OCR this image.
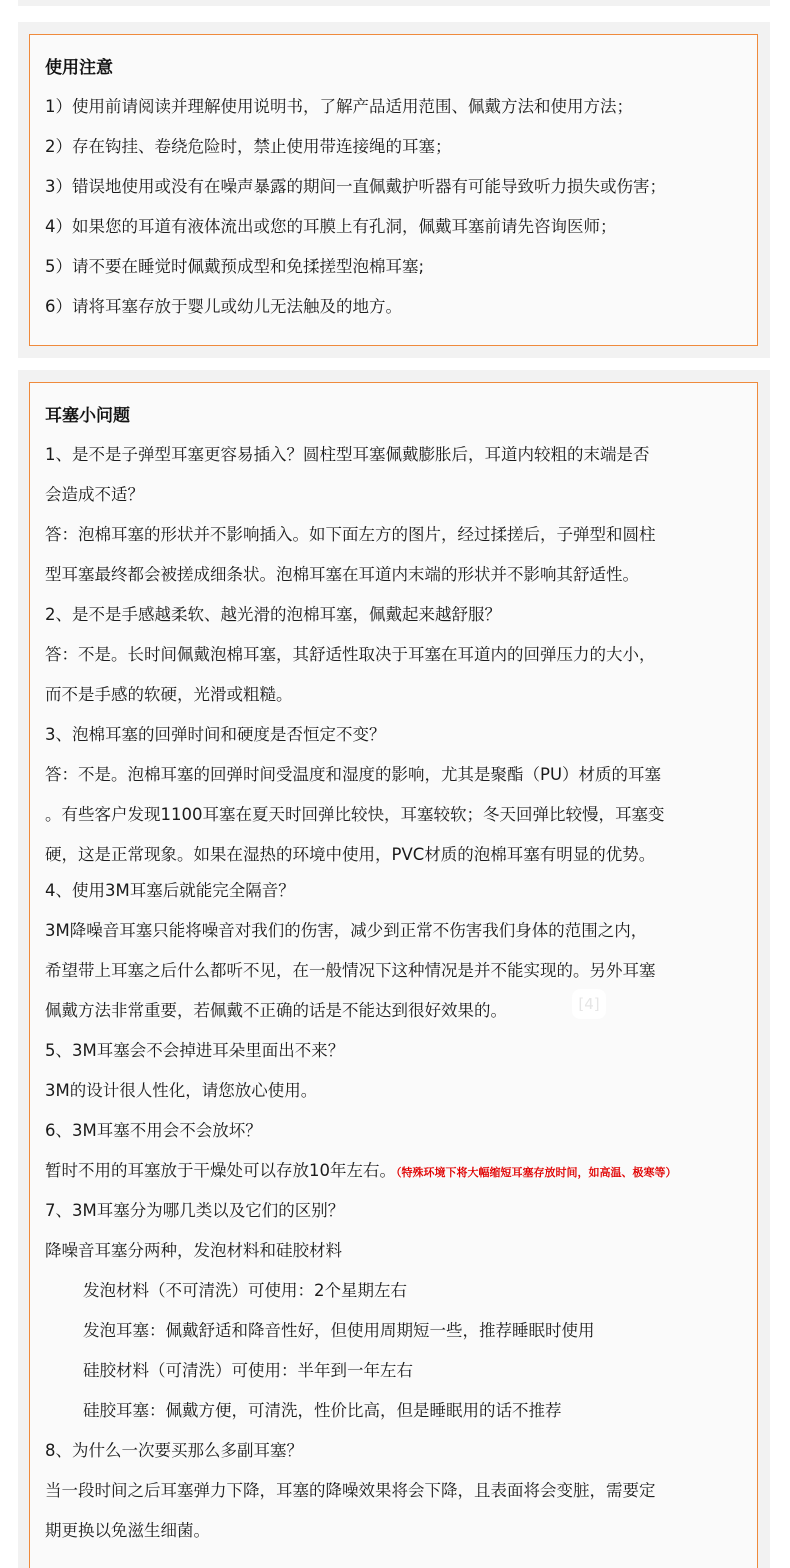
使用注意
1）使用前请阅读并理解使用说明书，了解产品适用范围、佩戴方法和使用方法；
2）存在钩挂、卷绕危险时，禁止使用带连接绳的耳塞；
3）错误地使用或没有在噪声暴露的期间一直佩戴护听器有可能导致听力损失或伤害；
4）如果您的耳道有液体流出或您的耳膜上有孔洞，佩戴耳塞前请先咨询医师；
5）请不要在睡觉时佩戴预成型和免揉搓型泡棉耳塞;
6）请将耳塞存放于婴儿或幼儿无法触及的地方。
耳塞小问题
1、是不是子弹型耳塞更容易插入？圆柱型耳塞佩戴膨胀后，耳道内较粗的末端是否
会造成不适？
答：泡棉耳塞的形状并不影响插入。如下面左方的图片，经过揉搓后，子弹型和圆柱
型耳塞最终都会被搓成细条状。泡棉耳塞在耳道内末端的形状并不影响其舒适性。
2、是不是手感越柔软、越光滑的泡棉耳塞，佩戴起来越舒服？
答：不是。长时间佩戴泡棉耳塞，其舒适性取决于耳塞在耳道内的回弹压力的大小，
而不是手感的软硬，光滑或粗糙。
3、泡棉耳塞的回弹时间和硬度是否恒定不变？
答：不是。泡棉耳塞的回弹时间受温度和湿度的影响，尤其是聚酯（PU）材质的耳塞
。有些客户发现1100耳塞在夏天时回弹比较快，耳塞较软；冬天回弹比较慢，耳塞变
硬，这是正常现象。如果在湿热的环境中使用，PVC材质的泡棉耳塞有明显的优势。
4、使用3M耳塞后就能完全隔音？
3M降噪音耳塞只能将噪音对我们的伤害，减少到正常不伤害我们身体的范围之内，
希望带上耳塞之后什么都听不见，在一般情况下这种情况是并不能实现的。另外耳塞
佩戴方法非常重要，若佩戴不正确的话是不能达到很好效果的。	[4]
5、3M耳塞会不会掉进耳朵里面出不来？
3M的设计很人性化，请您放心使用。
6、3M耳塞不用会不会放坏？
暂时不用的耳塞放于干燥处可以存放10年左右。（特殊环境下将大幅缩短耳塞存放时间，如高温、极寒等）
7、3M耳塞分为哪几类以及它们的区别？
降噪音耳塞分两种，发泡材料和硅胶材料
发泡材料（不可清洗）可使用：2个星期左右
发泡耳塞：佩戴舒适和降音性好，但使用周期短一些，推荐睡眠时使用
硅胶材料（可清洗）可使用：半年到一年左右
硅胶耳塞：佩戴方便，可清洗，性价比高，但是睡眠用的话不推荐
8、为什么一次要买那么多副耳塞？
当一段时间之后耳塞弹力下降，耳塞的降噪效果将会下降，且表面将会变脏，需要定
期更换以免滋生细菌。
